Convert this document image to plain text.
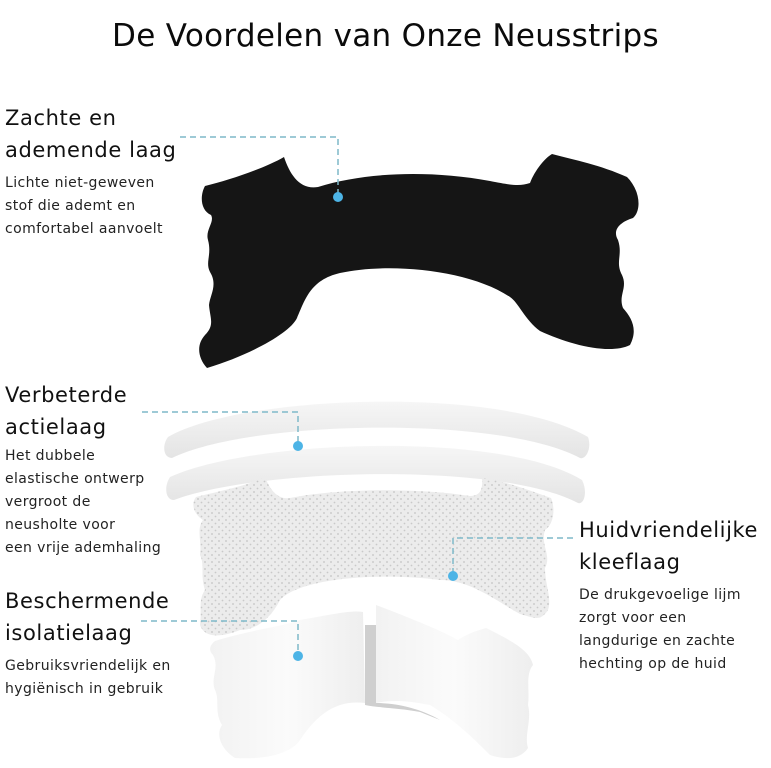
De Voordelen van Onze Neusstrips
Zachte en
ademende laag
Lichte niet-geweven
stof die ademt en
comfortabel aanvoelt
Verbeterde
actielaag
Het dubbele
elastische ontwerp
vergroot de
neusholte voor
een vrije ademhaling
Beschermende
isolatielaag
Gebruiksvriendelijk en
hygiënisch in gebruik
Huidvriendelijke
kleeflaag
De drukgevoelige lijm
zorgt voor een
langdurige en zachte
hechting op de huid
